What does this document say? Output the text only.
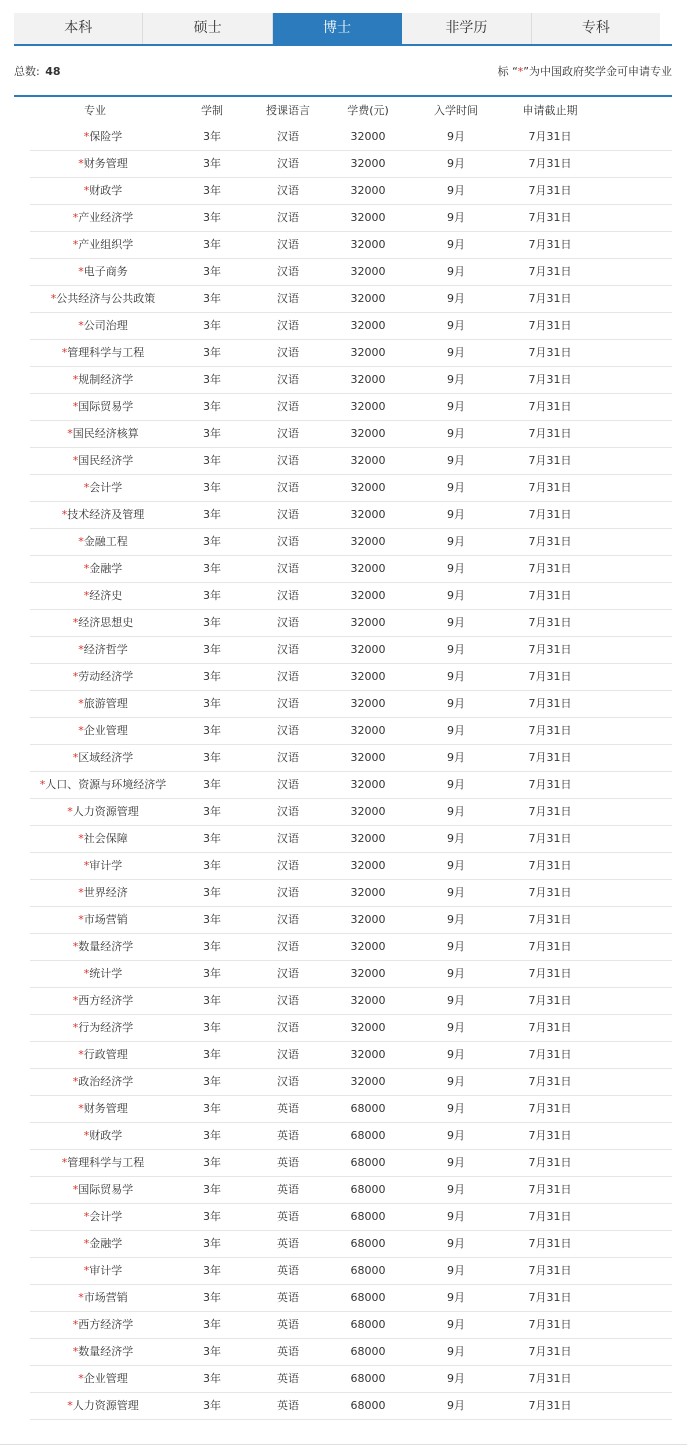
本科	硕士	博士	非学历	专科
总数: 48	标 “*”为中国政府奖学金可申请专业
专业	学制	授课语言	学费(元)	入学时间	申请截止期
*保险学	3年	汉语	32000	9月	7月31日
*财务管理	3年	汉语	32000	9月	7月31日
*财政学	3年	汉语	32000	9月	7月31日
*产业经济学	3年	汉语	32000	9月	7月31日
*产业组织学	3年	汉语	32000	9月	7月31日
*电子商务	3年	汉语	32000	9月	7月31日
*公共经济与公共政策	3年	汉语	32000	9月	7月31日
*公司治理	3年	汉语	32000	9月	7月31日
*管理科学与工程	3年	汉语	32000	9月	7月31日
*规制经济学	3年	汉语	32000	9月	7月31日
*国际贸易学	3年	汉语	32000	9月	7月31日
*国民经济核算	3年	汉语	32000	9月	7月31日
*国民经济学	3年	汉语	32000	9月	7月31日
*会计学	3年	汉语	32000	9月	7月31日
*技术经济及管理	3年	汉语	32000	9月	7月31日
*金融工程	3年	汉语	32000	9月	7月31日
*金融学	3年	汉语	32000	9月	7月31日
*经济史	3年	汉语	32000	9月	7月31日
*经济思想史	3年	汉语	32000	9月	7月31日
*经济哲学	3年	汉语	32000	9月	7月31日
*劳动经济学	3年	汉语	32000	9月	7月31日
*旅游管理	3年	汉语	32000	9月	7月31日
*企业管理	3年	汉语	32000	9月	7月31日
*区域经济学	3年	汉语	32000	9月	7月31日
*人口、资源与环境经济学	3年	汉语	32000	9月	7月31日
*人力资源管理	3年	汉语	32000	9月	7月31日
*社会保障	3年	汉语	32000	9月	7月31日
*审计学	3年	汉语	32000	9月	7月31日
*世界经济	3年	汉语	32000	9月	7月31日
*市场营销	3年	汉语	32000	9月	7月31日
*数量经济学	3年	汉语	32000	9月	7月31日
*统计学	3年	汉语	32000	9月	7月31日
*西方经济学	3年	汉语	32000	9月	7月31日
*行为经济学	3年	汉语	32000	9月	7月31日
*行政管理	3年	汉语	32000	9月	7月31日
*政治经济学	3年	汉语	32000	9月	7月31日
*财务管理	3年	英语	68000	9月	7月31日
*财政学	3年	英语	68000	9月	7月31日
*管理科学与工程	3年	英语	68000	9月	7月31日
*国际贸易学	3年	英语	68000	9月	7月31日
*会计学	3年	英语	68000	9月	7月31日
*金融学	3年	英语	68000	9月	7月31日
*审计学	3年	英语	68000	9月	7月31日
*市场营销	3年	英语	68000	9月	7月31日
*西方经济学	3年	英语	68000	9月	7月31日
*数量经济学	3年	英语	68000	9月	7月31日
*企业管理	3年	英语	68000	9月	7月31日
*人力资源管理	3年	英语	68000	9月	7月31日
